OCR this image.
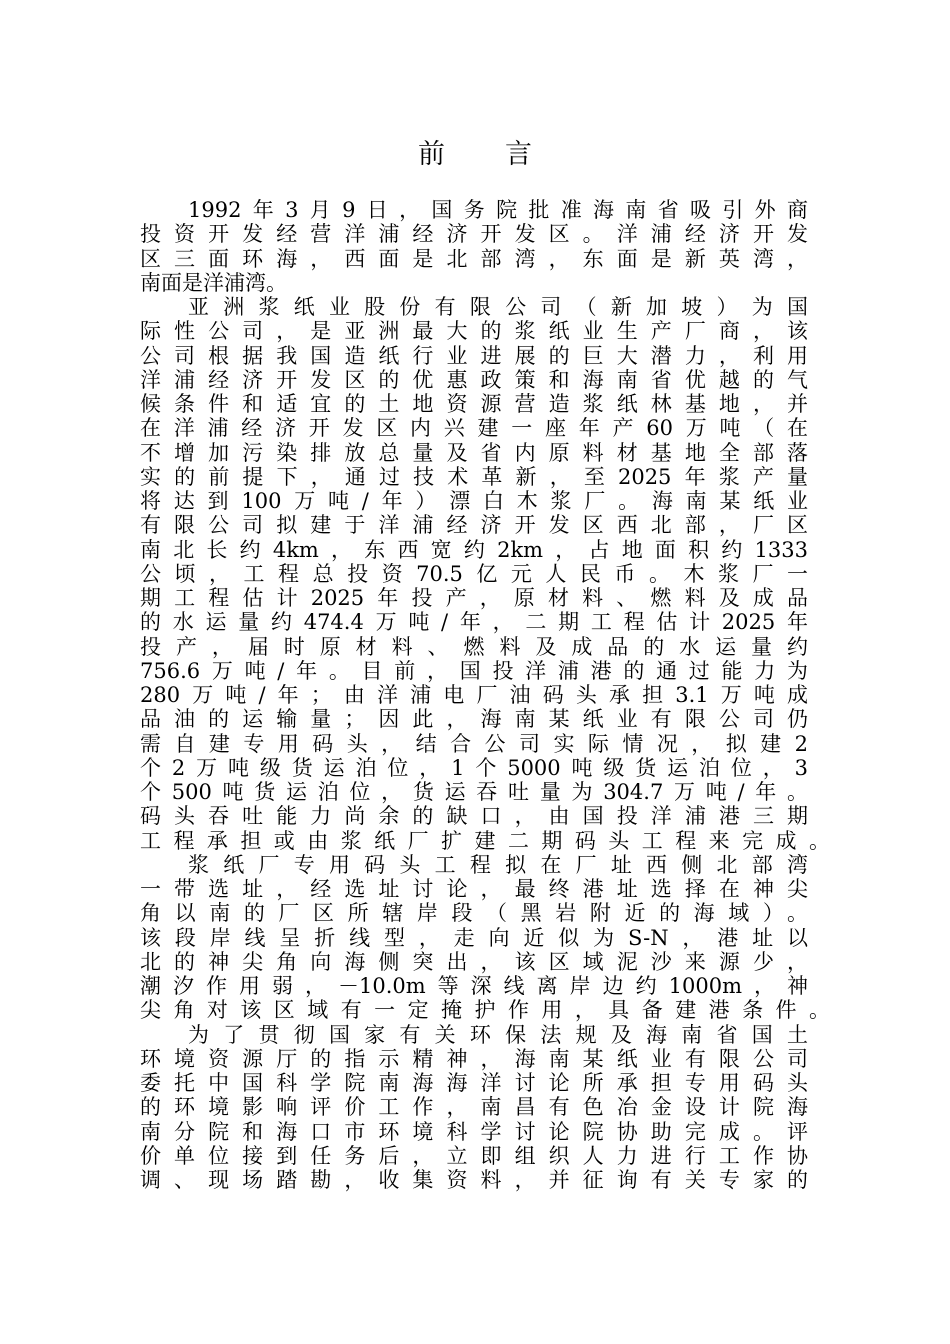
前 言
1992年3月9日，国务院批准海南省吸引外商
投资开发经营洋浦经济开发区。洋浦经济开发
区三面环海，西面是北部湾，东面是新英湾，
南面是洋浦湾。
亚洲浆纸业股份有限公司（新加坡）为国
际性公司，是亚洲最大的浆纸业生产厂商，该
公司根据我国造纸行业进展的巨大潜力，利用
洋浦经济开发区的优惠政策和海南省优越的气
候条件和适宜的土地资源营造浆纸林基地，并
在洋浦经济开发区内兴建一座年产60万吨（在
不增加污染排放总量及省内原料材基地全部落
实的前提下，通过技术革新，至2025年浆产量
将达到100万吨/年）漂白木浆厂。海南某纸业
有限公司拟建于洋浦经济开发区西北部，厂区
南北长约4km，东西宽约2km，占地面积约1333
公顷，工程总投资70.5亿元人民币。木浆厂一
期工程估计2025年投产，原材料、燃料及成品
的水运量约474.4万吨/年，二期工程估计2025年
投产，届时原材料、燃料及成品的水运量约
756.6万吨/年。目前，国投洋浦港的通过能力为
280万吨/年；由洋浦电厂油码头承担3.1万吨成
品油的运输量；因此，海南某纸业有限公司仍
需自建专用码头，结合公司实际情况，拟建2
个2万吨级货运泊位，1个5000吨级货运泊位，3
个500吨货运泊位，货运吞吐量为304.7万吨/年。
码头吞吐能力尚余的缺口，由国投洋浦港三期
工程承担或由浆纸厂扩建二期码头工程来完成。
浆纸厂专用码头工程拟在厂址西侧北部湾
一带选址，经选址讨论，最终港址选择在神尖
角以南的厂区所辖岸段（黑岩附近的海域）。
该段岸线呈折线型，走向近似为S-N，港址以
北的神尖角向海侧突出，该区域泥沙来源少，
潮汐作用弱，－10.0m等深线离岸边约1000m，神
尖角对该区域有一定掩护作用，具备建港条件。
为了贯彻国家有关环保法规及海南省国土
环境资源厅的指示精神，海南某纸业有限公司
委托中国科学院南海海洋讨论所承担专用码头
的环境影响评价工作，南昌有色冶金设计院海
南分院和海口市环境科学讨论院协助完成。评
价单位接到任务后，立即组织人力进行工作协
调、现场踏勘，收集资料，并征询有关专家的
